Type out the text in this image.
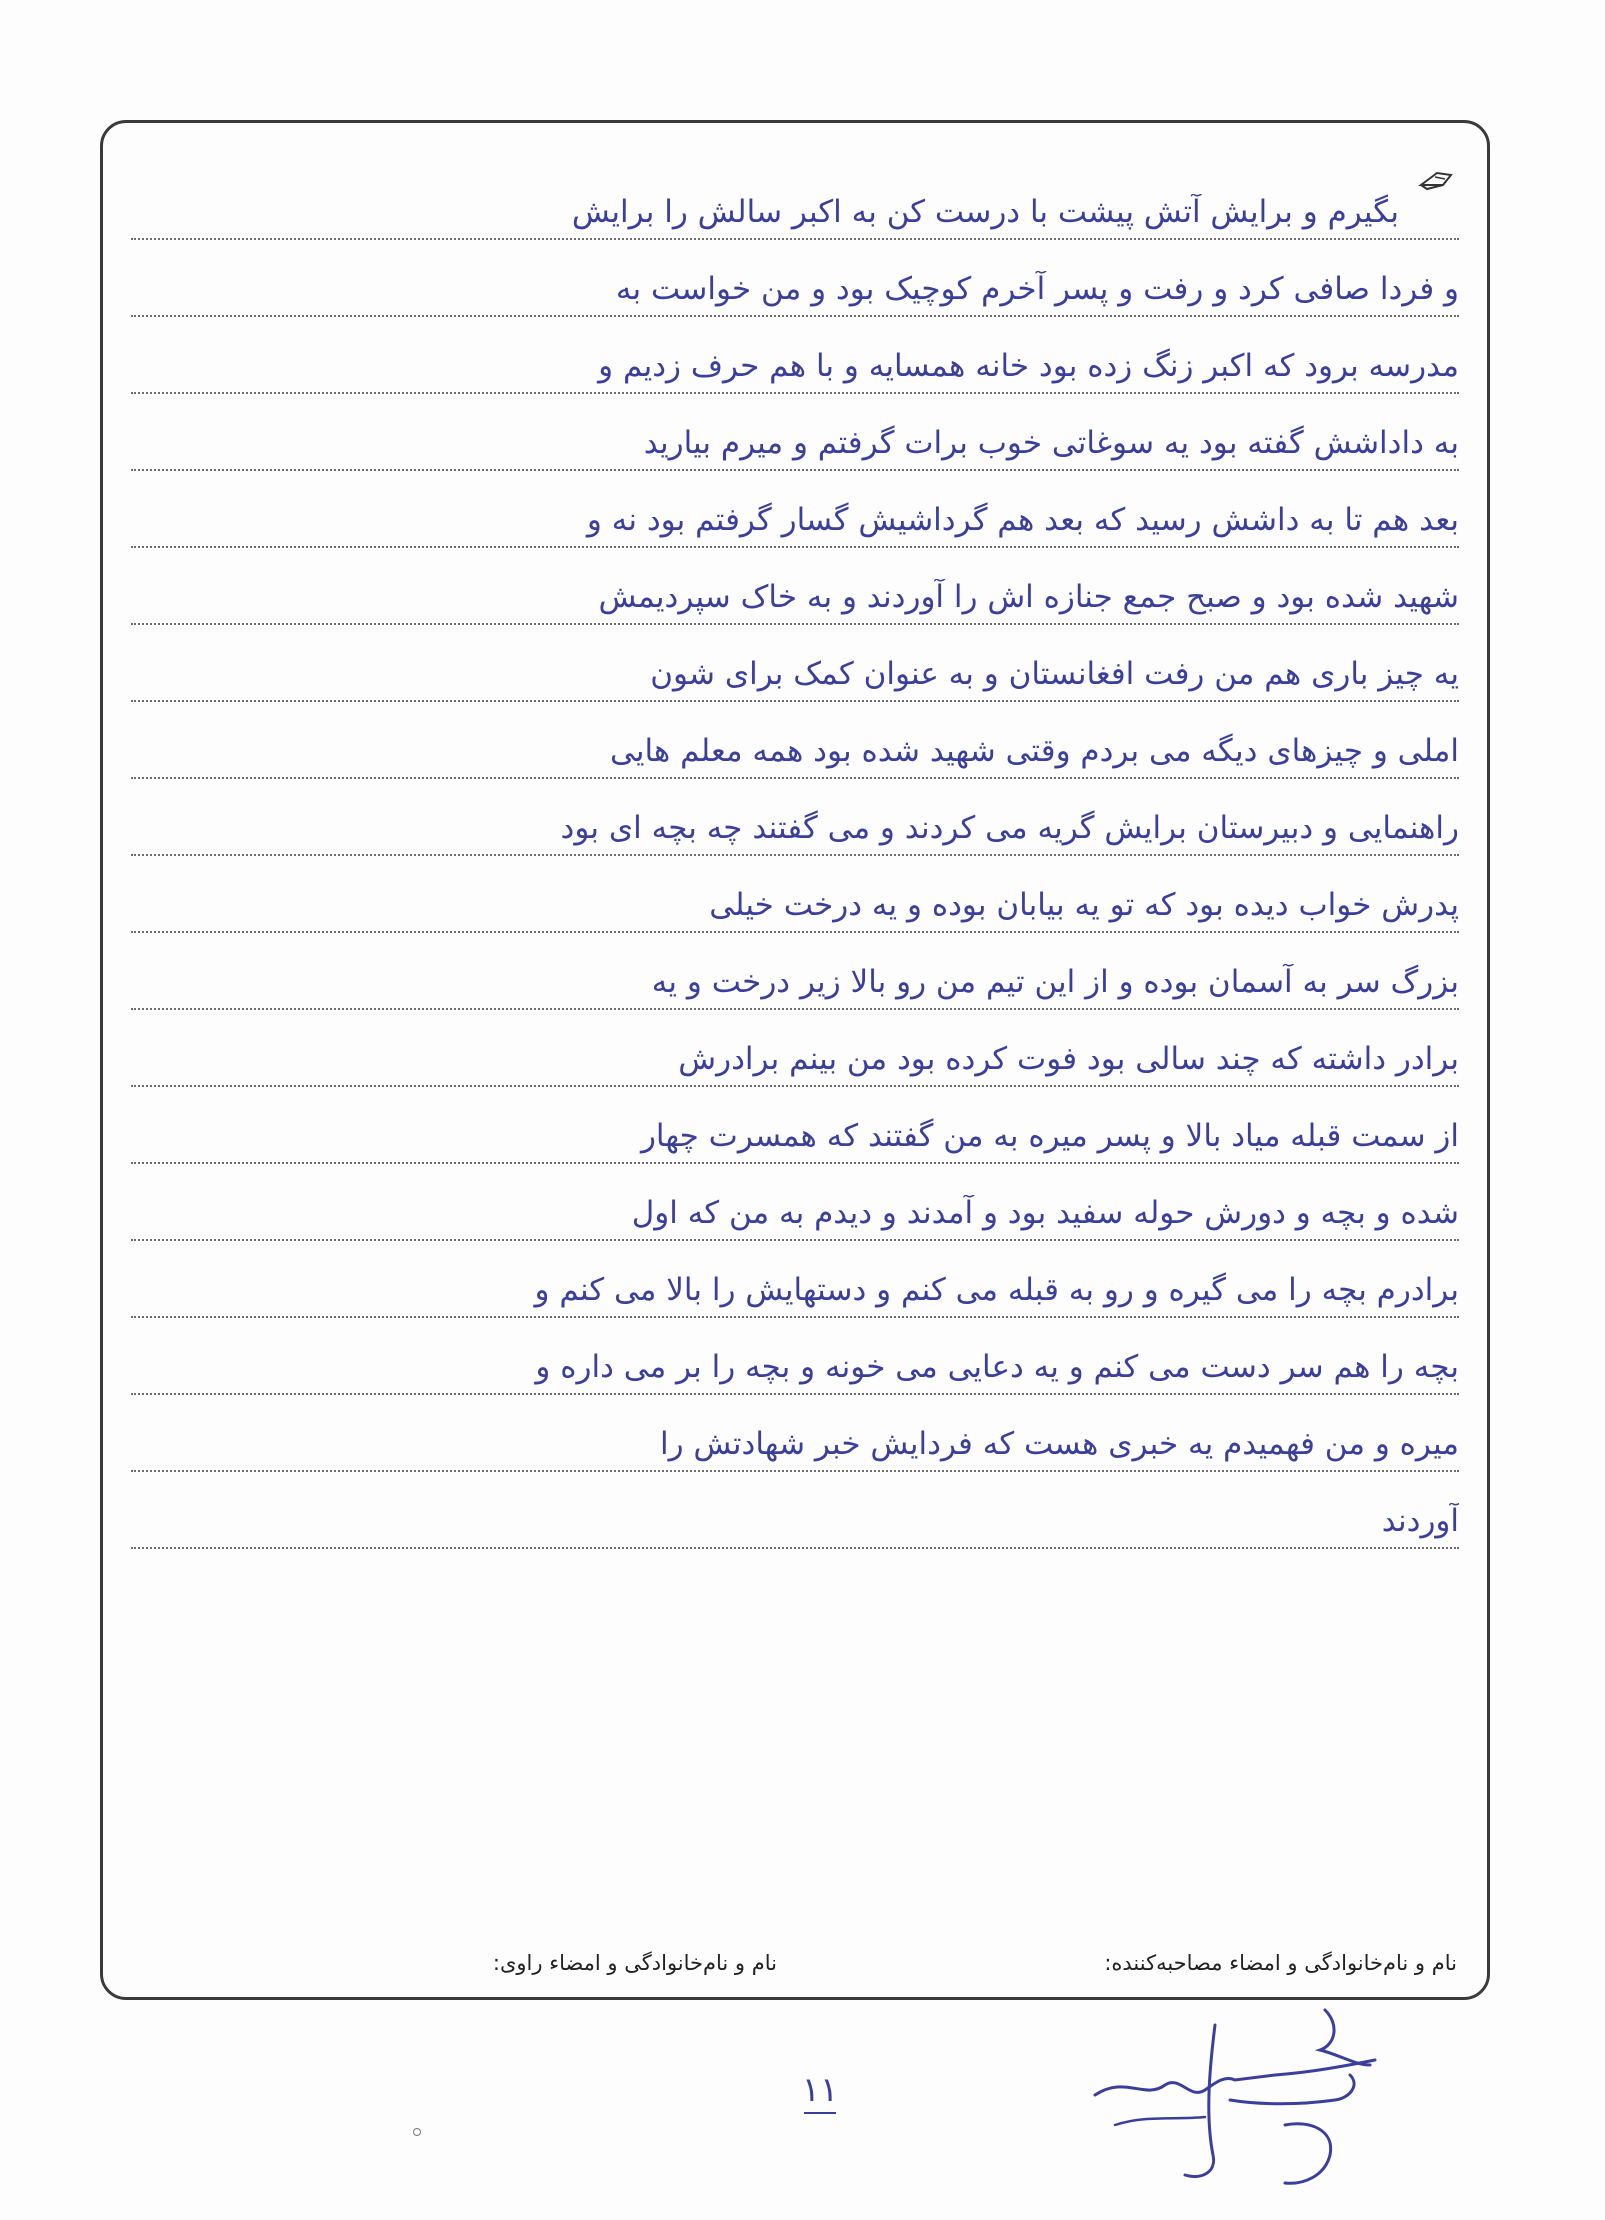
بگیرم و برایش آتش پیشت با درست کن به اکبر سالش را برایش
و فردا صافی کرد و رفت و پسر آخرم کوچیک بود و من خواست به
مدرسه برود که اکبر زنگ زده بود خانه همسایه و با هم حرف زدیم و
به داداشش گفته بود یه سوغاتی خوب برات گرفتم و میرم بیارید
بعد هم تا به داشش رسید که بعد هم گرداشیش گسار گرفتم بود نه و
شهید شده بود و صبح جمع جنازه اش را آوردند و به خاک سپردیمش
یه چیز باری هم من رفت افغانستان و به عنوان کمک برای شون
املی و چیزهای دیگه می بردم وقتی شهید شده بود همه معلم هایی
راهنمایی و دبیرستان برایش گریه می کردند و می گفتند چه بچه ای بود
پدرش خواب دیده بود که تو یه بیابان بوده و یه درخت خیلی
بزرگ سر به آسمان بوده و از این تیم من رو بالا زیر درخت و یه
برادر داشته که چند سالی بود فوت کرده بود من بینم برادرش
از سمت قبله میاد بالا و پسر میره به من گفتند که همسرت چهار
شده و بچه و دورش حوله سفید بود و آمدند و دیدم به من که اول
برادرم بچه را می گیره و رو به قبله می کنم و دستهایش را بالا می کنم و
بچه را هم سر دست می کنم و یه دعایی می خونه و بچه را بر می داره و
میره و من فهمیدم یه خبری هست که فردایش خبر شهادتش را
آوردند
نام و نام‌خانوادگی و امضاء مصاحبه‌کننده:
نام و نام‌خانوادگی و امضاء راوی:
۱۱
